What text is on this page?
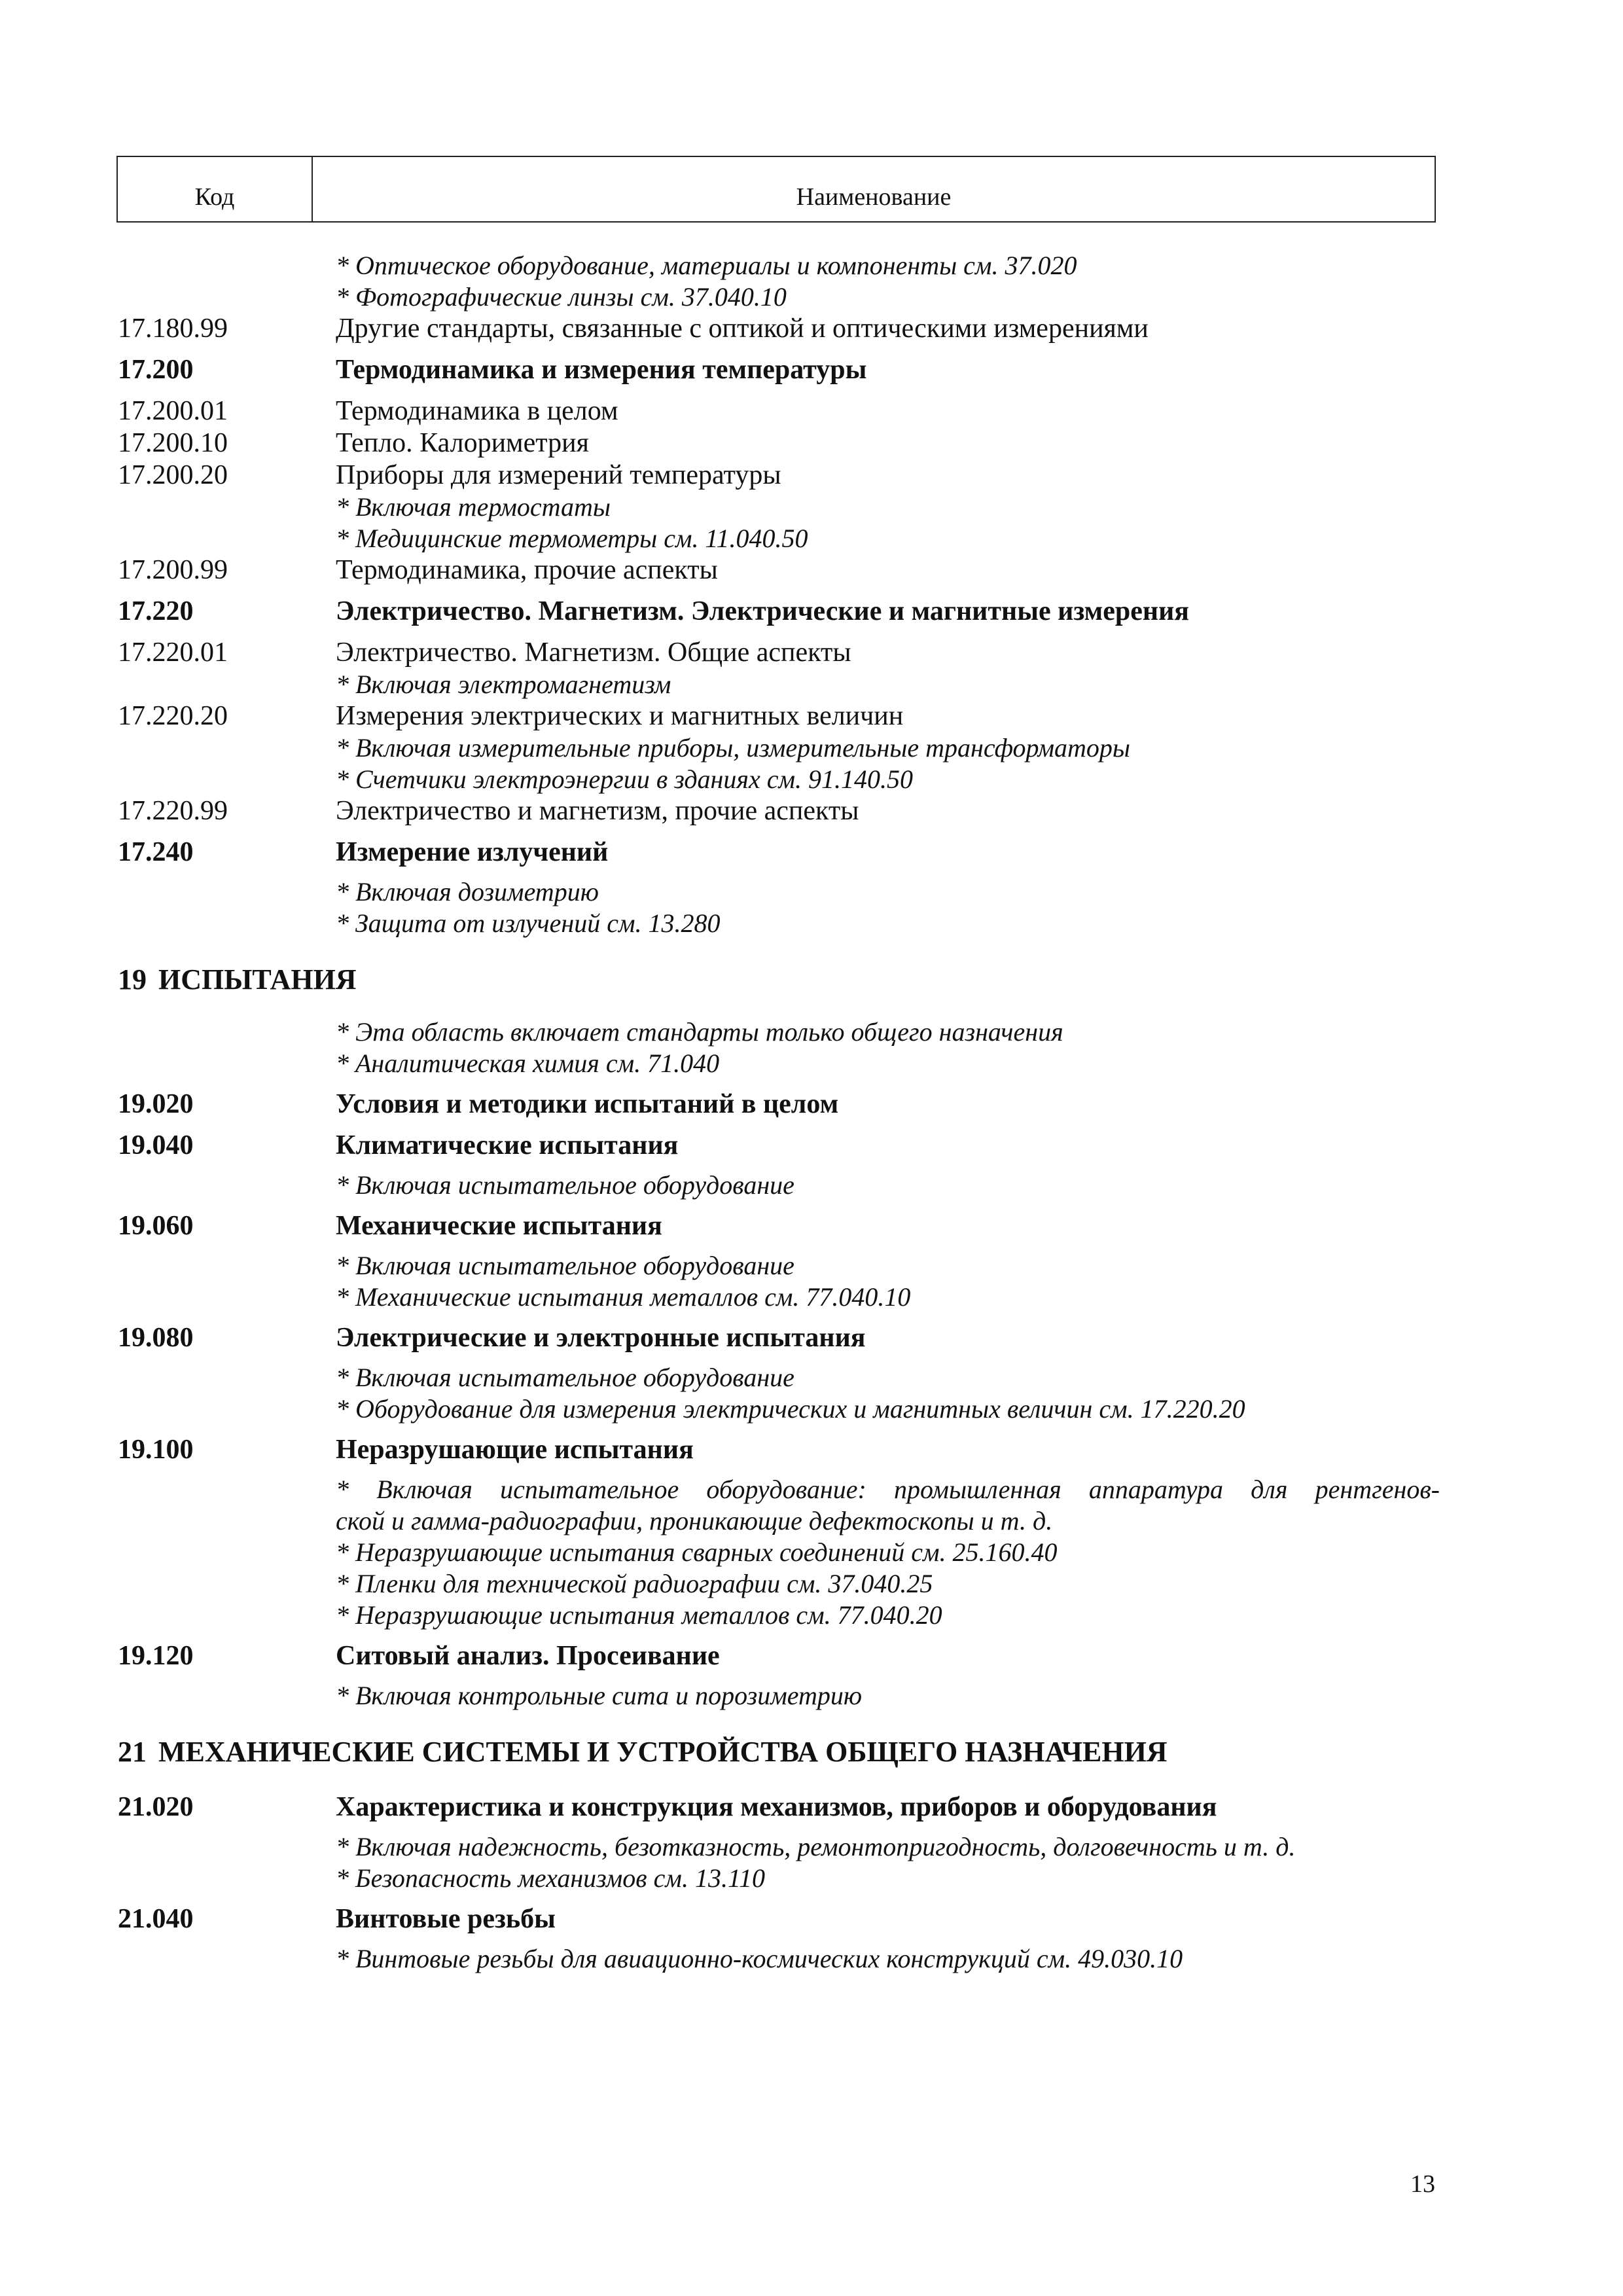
Код	Наименование
* Оптическое оборудование, материалы и компоненты см. 37.020
* Фотографические линзы см. 37.040.10
17.180.99	Другие стандарты, связанные с оптикой и оптическими измерениями
17.200	Термодинамика и измерения температуры
17.200.01	Термодинамика в целом
17.200.10	Тепло. Калориметрия
17.200.20	Приборы для измерений температуры
* Включая термостаты
* Медицинские термометры см. 11.040.50
17.200.99	Термодинамика, прочие аспекты
17.220	Электричество. Магнетизм. Электрические и магнитные измерения
17.220.01	Электричество. Магнетизм. Общие аспекты
* Включая электромагнетизм
17.220.20	Измерения электрических и магнитных величин
* Включая измерительные приборы, измерительные трансформаторы
* Счетчики электроэнергии в зданиях см. 91.140.50
17.220.99	Электричество и магнетизм, прочие аспекты
17.240	Измерение излучений
* Включая дозиметрию
* Защита от излучений см. 13.280
19 ИСПЫТАНИЯ
* Эта область включает стандарты только общего назначения
* Аналитическая химия см. 71.040
19.020	Условия и методики испытаний в целом
19.040	Климатические испытания
* Включая испытательное оборудование
19.060	Механические испытания
* Включая испытательное оборудование
* Механические испытания металлов см. 77.040.10
19.080	Электрические и электронные испытания
* Включая испытательное оборудование
* Оборудование для измерения электрических и магнитных величин см. 17.220.20
19.100	Неразрушающие испытания
* Включая испытательное оборудование: промышленная аппаратура для рентгенов-
ской и гамма-радиографии, проникающие дефектоскопы и т. д.
* Неразрушающие испытания сварных соединений см. 25.160.40
* Пленки для технической радиографии см. 37.040.25
* Неразрушающие испытания металлов см. 77.040.20
19.120	Ситовый анализ. Просеивание
* Включая контрольные сита и порозиметрию
21 МЕХАНИЧЕСКИЕ СИСТЕМЫ И УСТРОЙСТВА ОБЩЕГО НАЗНАЧЕНИЯ
21.020	Характеристика и конструкция механизмов, приборов и оборудования
* Включая надежность, безотказность, ремонтопригодность, долговечность и т. д.
* Безопасность механизмов см. 13.110
21.040	Винтовые резьбы
* Винтовые резьбы для авиационно-космических конструкций см. 49.030.10
13
